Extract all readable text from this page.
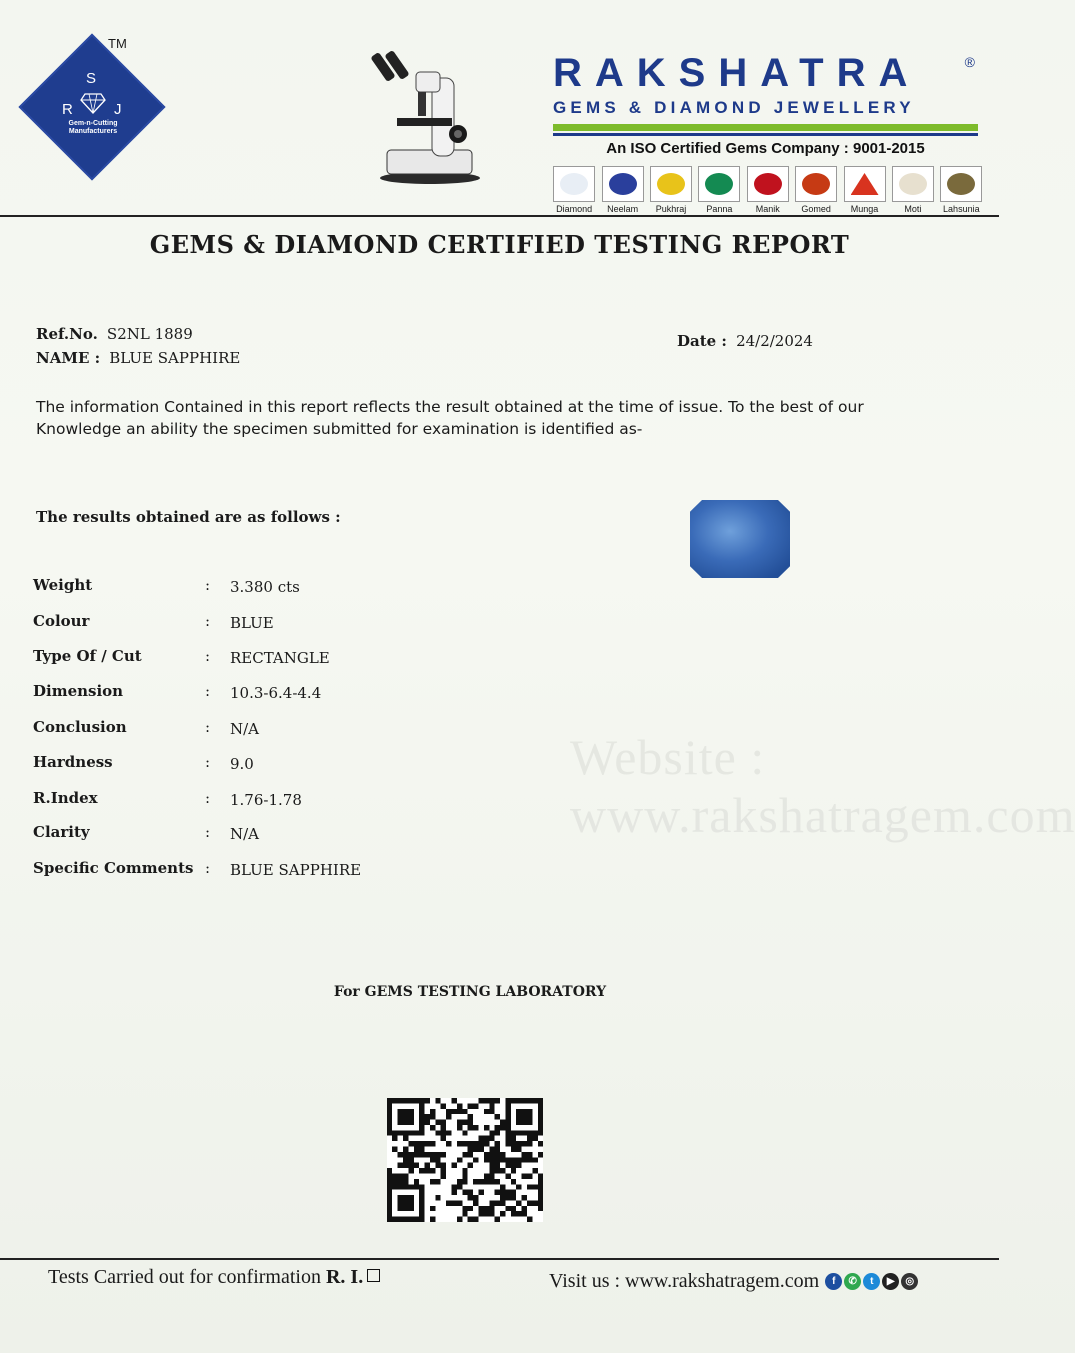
TM
S
R	J
Gem-n-Cutting Manufacturers
RAKSHATRA	®
GEMS & DIAMOND JEWELLERY
An ISO Certified Gems Company : 9001-2015
Diamond	Neelam	Pukhraj	Panna	Manik	Gomed	Munga	Moti	Lahsunia
GEMS & DIAMOND CERTIFIED TESTING REPORT
Ref.No. S2NL 1889
NAME : BLUE SAPPHIRE
Date : 24/2/2024
The information Contained in this report reflects the result obtained at the time of issue. To the best of our
Knowledge an ability the specimen submitted for examination is identified as-
The results obtained are as follows :
Weight	: 3.380 cts
Colour	: BLUE
Type Of / Cut	: RECTANGLE
Dimension	: 10.3-6.4-4.4
Conclusion	: N/A
Hardness	: 9.0
R.Index	: 1.76-1.78
Clarity	: N/A
Specific Comments : BLUE SAPPHIRE
Website : www.rakshatragem.com
For GEMS TESTING LABORATORY
Tests Carried out for confirmation R. I.	Visit us : www.rakshatragem.com	f	✆	t	▶	◎
